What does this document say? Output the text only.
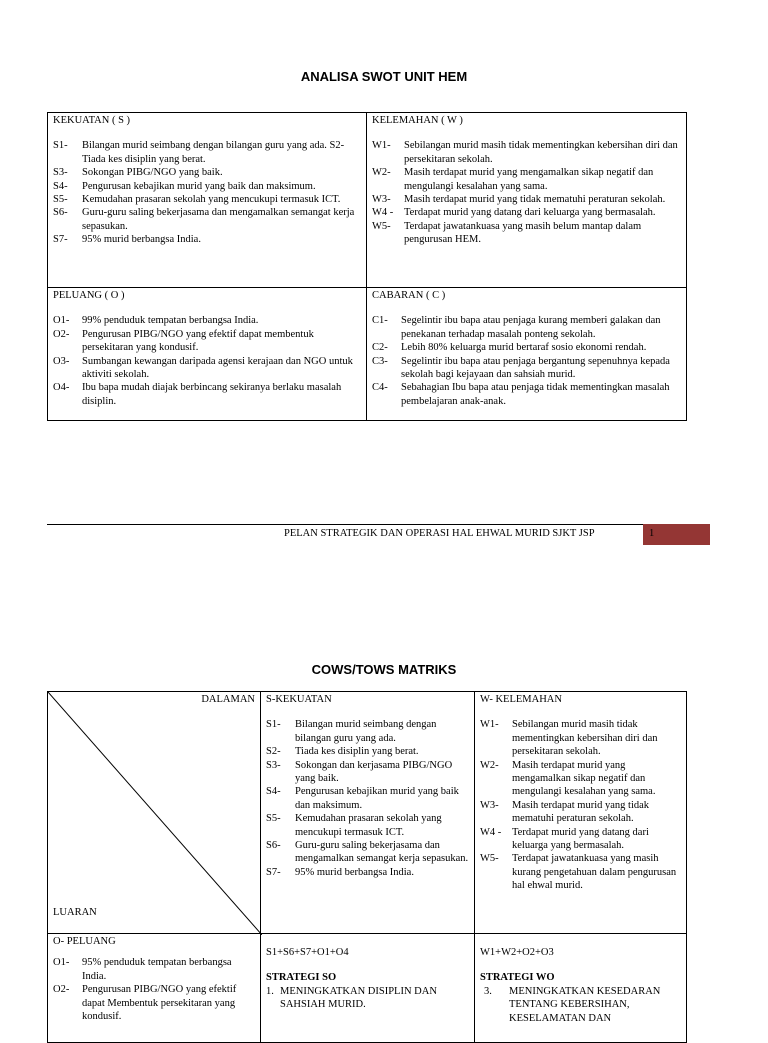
ANALISA SWOT UNIT HEM
KEKUATAN ( S )
S1-	Bilangan murid seimbang dengan bilangan guru yang ada. S2- Tiada kes disiplin yang berat.
S3-	Sokongan PIBG/NGO yang baik.
S4-	Pengurusan kebajikan murid yang baik dan maksimum.
S5-	Kemudahan prasaran sekolah yang mencukupi termasuk ICT.
S6-	Guru-guru saling bekerjasama dan mengamalkan semangat kerja sepasukan.
S7-	95% murid berbangsa India.
KELEMAHAN ( W )
W1-	Sebilangan murid masih tidak mementingkan kebersihan diri dan persekitaran sekolah.
W2-	Masih terdapat murid yang mengamalkan sikap negatif dan mengulangi kesalahan yang sama.
W3-	Masih terdapat murid yang tidak mematuhi peraturan sekolah.
W4 -	Terdapat murid yang datang dari keluarga yang bermasalah.
W5-	Terdapat jawatankuasa yang masih belum mantap dalam pengurusan HEM.
PELUANG ( O )
O1-	99% penduduk tempatan berbangsa India.
O2-	Pengurusan PIBG/NGO yang efektif dapat membentuk persekitaran yang kondusif.
O3-	Sumbangan kewangan daripada agensi kerajaan dan NGO untuk aktiviti sekolah.
O4-	Ibu bapa mudah diajak berbincang sekiranya berlaku masalah disiplin.
CABARAN ( C )
C1-	Segelintir ibu bapa atau penjaga kurang memberi galakan dan penekanan terhadap masalah ponteng sekolah.
C2-	Lebih 80% keluarga murid bertaraf sosio ekonomi rendah.
C3-	Segelintir ibu bapa atau penjaga bergantung sepenuhnya kepada sekolah bagi kejayaan dan sahsiah murid.
C4-	Sebahagian Ibu bapa atau penjaga tidak mementingkan masalah pembelajaran anak-anak.
PELAN STRATEGIK DAN OPERASI HAL EHWAL MURID SJKT JSP	1
COWS/TOWS MATRIKS
DALAMAN
LUARAN
S-KEKUATAN
S1-	Bilangan murid seimbang dengan bilangan guru yang ada.
S2-	Tiada kes disiplin yang berat.
S3-	Sokongan dan kerjasama PIBG/NGO yang baik.
S4-	Pengurusan kebajikan murid yang baik dan maksimum.
S5-	Kemudahan prasaran sekolah yang mencukupi termasuk ICT.
S6-	Guru-guru saling bekerjasama dan mengamalkan semangat kerja sepasukan.
S7-	95% murid berbangsa India.
W- KELEMAHAN
W1-	Sebilangan murid masih tidak mementingkan kebersihan diri dan persekitaran sekolah.
W2-	Masih terdapat murid yang mengamalkan sikap negatif dan mengulangi kesalahan yang sama.
W3-	Masih terdapat murid yang tidak mematuhi peraturan sekolah.
W4 -	Terdapat murid yang datang dari keluarga yang bermasalah.
W5-	Terdapat jawatankuasa yang masih kurang pengetahuan dalam pengurusan hal ehwal murid.
O- PELUANG
O1-	95% penduduk tempatan berbangsa India.
O2-	Pengurusan PIBG/NGO yang efektif dapat Membentuk persekitaran yang kondusif.
S1+S6+S7+O1+O4
STRATEGI SO
1. MENINGKATKAN DISIPLIN DAN SAHSIAH MURID.
W1+W2+O2+O3
STRATEGI WO
3.	MENINGKATKAN KESEDARAN TENTANG KEBERSIHAN, KESELAMATAN DAN
